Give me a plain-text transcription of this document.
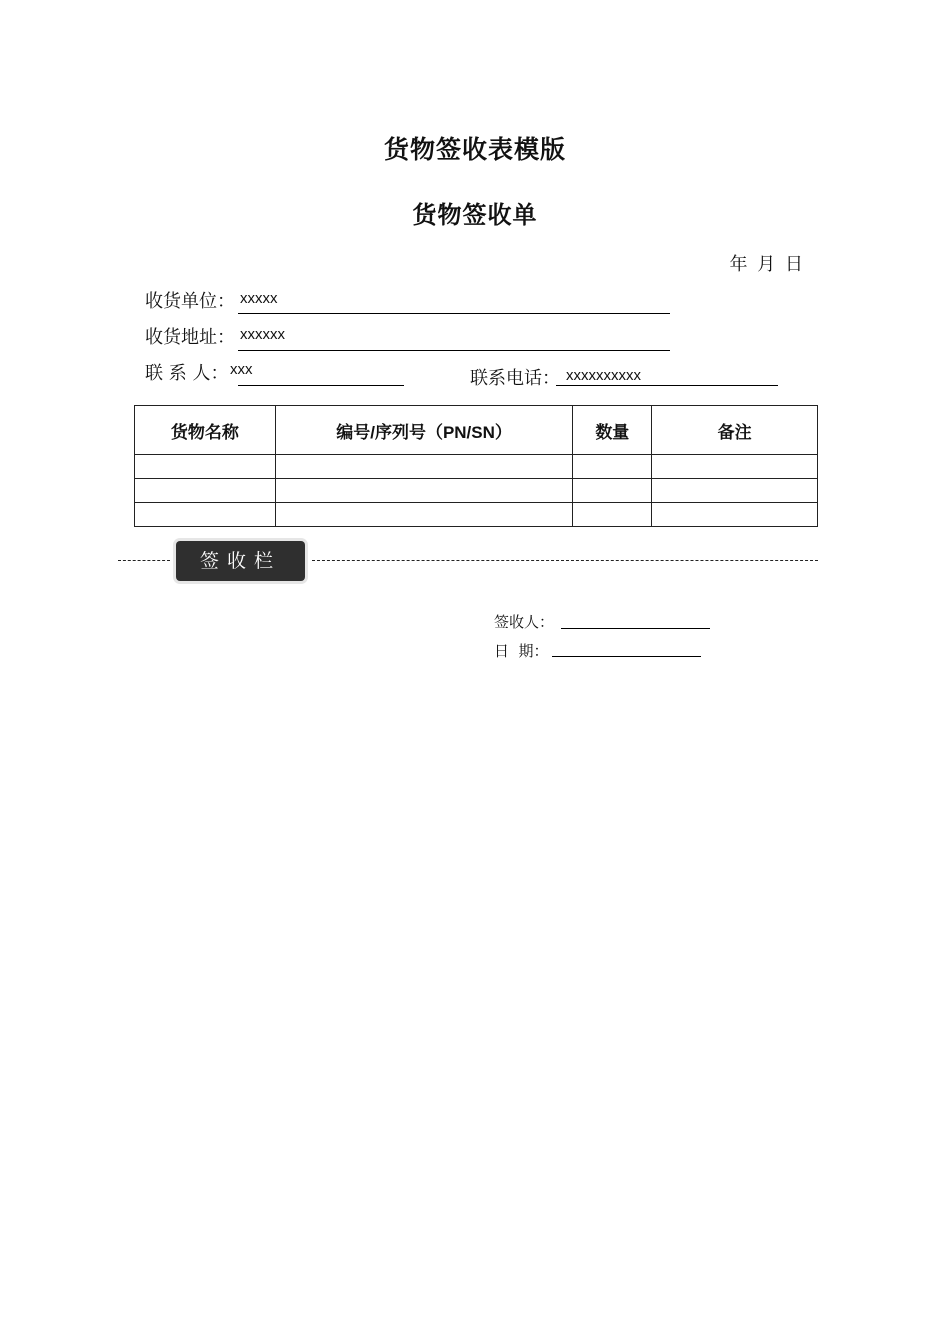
货物签收表模版
货物签收单
年 月 日
收货单位： xxxxx
收货地址： xxxxxx
联 系 人： xxx	联系电话： xxxxxxxxxx
货物名称	编号/序列号（PN/SN）	数量	备注

签收栏
签收人：
日  期：
